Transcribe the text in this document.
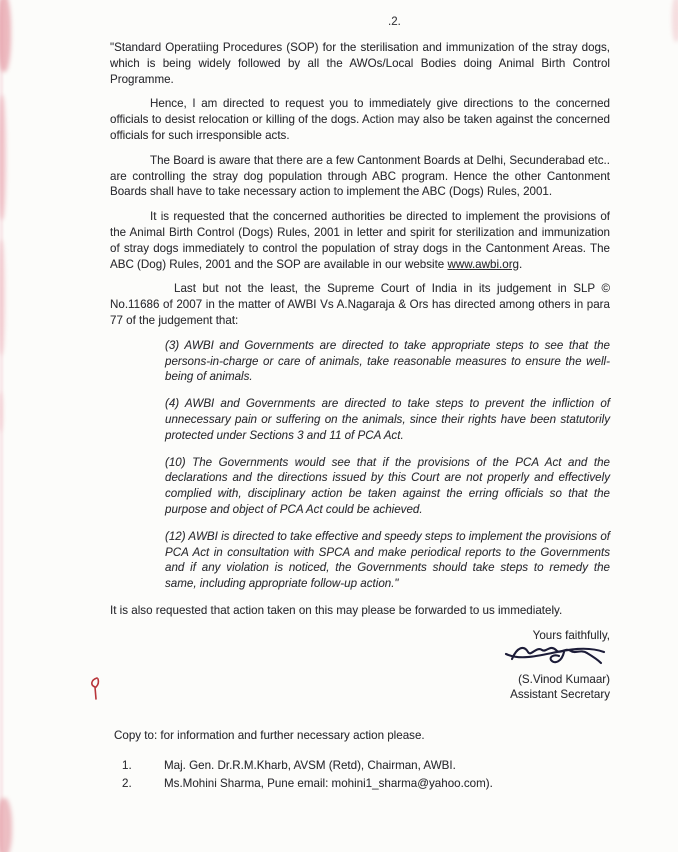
.2.

"Standard Operatiing Procedures (SOP) for the sterilisation and immunization of the stray dogs, which is being widely followed by all the AWOs/Local Bodies doing Animal Birth Control Programme.

Hence, I am directed to request you to immediately give directions to the concerned officials to desist relocation or killing of the dogs. Action may also be taken against the concerned officials for such irresponsible acts.

The Board is aware that there are a few Cantonment Boards at Delhi, Secunderabad etc.. are controlling the stray dog population through ABC program. Hence the other Cantonment Boards shall have to take necessary action to implement the ABC (Dogs) Rules, 2001.

It is requested that the concerned authorities be directed to implement the provisions of the Animal Birth Control (Dogs) Rules, 2001 in letter and spirit for sterilization and immunization of stray dogs immediately to control the population of stray dogs in the Cantonment Areas. The ABC (Dog) Rules, 2001 and the SOP are available in our website www.awbi.org.

Last but not the least, the Supreme Court of India in its judgement in SLP © No.11686 of 2007 in the matter of AWBI Vs A.Nagaraja & Ors has directed among others in para 77 of the judgement that:

(3) AWBI and Governments are directed to take appropriate steps to see that the persons-in-charge or care of animals, take reasonable measures to ensure the well-being of animals.

(4) AWBI and Governments are directed to take steps to prevent the infliction of unnecessary pain or suffering on the animals, since their rights have been statutorily protected under Sections 3 and 11 of PCA Act.

(10) The Governments would see that if the provisions of the PCA Act and the declarations and the directions issued by this Court are not properly and effectively complied with, disciplinary action be taken against the erring officials so that the purpose and object of PCA Act could be achieved.

(12) AWBI is directed to take effective and speedy steps to implement the provisions of PCA Act in consultation with SPCA and make periodical reports to the Governments and if any violation is noticed, the Governments should take steps to remedy the same, including appropriate follow-up action."

It is also requested that action taken on this may please be forwarded to us immediately.

Yours faithfully,
(S.Vinod Kumaar)
Assistant Secretary
Copy to: for information and further necessary action please.
1.	Maj. Gen. Dr.R.M.Kharb, AVSM (Retd), Chairman, AWBI.
2.	Ms.Mohini Sharma, Pune email: mohini1_sharma@yahoo.com).
